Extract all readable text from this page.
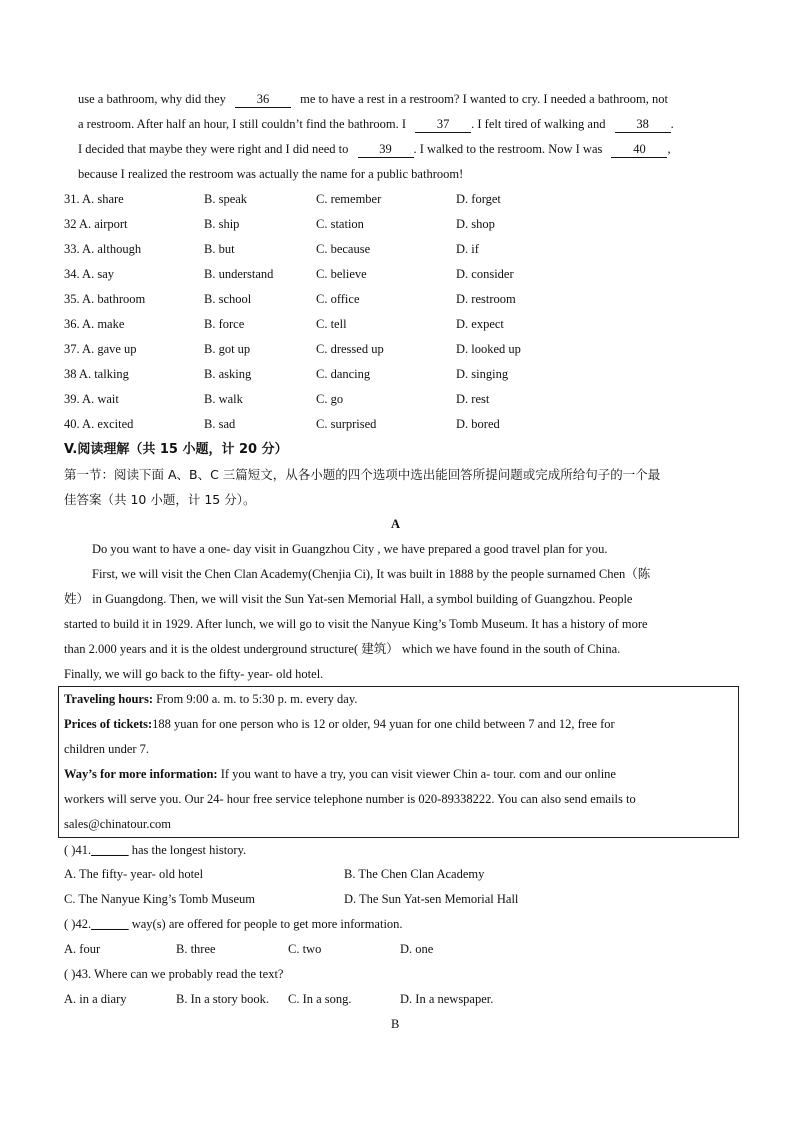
use a bathroom, why did they 36 me to have a rest in a restroom? I wanted to cry. I needed a bathroom, not
a restroom. After half an hour, I still couldn’t find the bathroom. I 37 . I felt tired of walking and 38 .
I decided that maybe they were right and I did need to 39 . I walked to the restroom. Now I was 40 ,
because I realized the restroom was actually the name for a public bathroom!
31. A. share	B. speak	C. remember	D. forget
32 A. airport	B. ship	C. station	D. shop
33. A. although	B. but	C. because	D. if
34. A. say	B. understand	C. believe	D. consider
35. A. bathroom	B. school	C. office	D. restroom
36. A. make	B. force	C. tell	D. expect
37. A. gave up	B. got up	C. dressed up	D. looked up
38 A. talking	B. asking	C. dancing	D. singing
39. A. wait	B. walk	C. go	D. rest
40. A. excited	B. sad	C. surprised	D. bored
V.阅读理解（共 15 小题，计 20 分）
第一节：阅读下面 A、B、C 三篇短文，从各小题的四个选项中选出能回答所提问题或完成所给句子的一个最
佳答案（共 10 小题，计 15 分）。
A
Do you want to have a one- day visit in Guangzhou City , we have prepared a good travel plan for you.
First, we will visit the Chen Clan Academy(Chenjia Ci), It was built in 1888 by the people surnamed Chen（陈
姓） in Guangdong. Then, we will visit the Sun Yat-sen Memorial Hall, a symbol building of Guangzhou. People
started to build it in 1929. After lunch, we will go to visit the Nanyue King’s Tomb Museum. It has a history of more
than 2.000 years and it is the oldest underground structure( 建筑） which we have found in the south of China.
Finally, we will go back to the fifty- year- old hotel.
Traveling hours: From 9:00 a. m. to 5:30 p. m. every day.
Prices of tickets:188 yuan for one person who is 12 or older, 94 yuan for one child between 7 and 12, free for
children under 7.
Way’s for more information: If you want to have a try, you can visit viewer Chin a- tour. com and our online
workers will serve you. Our 24- hour free service telephone number is 020-89338222. You can also send emails to
sales@chinatour.com
( )41.______ has the longest history.
A. The fifty- year- old hotel	B. The Chen Clan Academy
C. The Nanyue King’s Tomb Museum	D. The Sun Yat-sen Memorial Hall
( )42.______ way(s) are offered for people to get more information.
A. four	B. three	C. two	D. one
( )43. Where can we probably read the text?
A. in a diary	B. In a story book. C. In a song.	D. In a newspaper.
B
